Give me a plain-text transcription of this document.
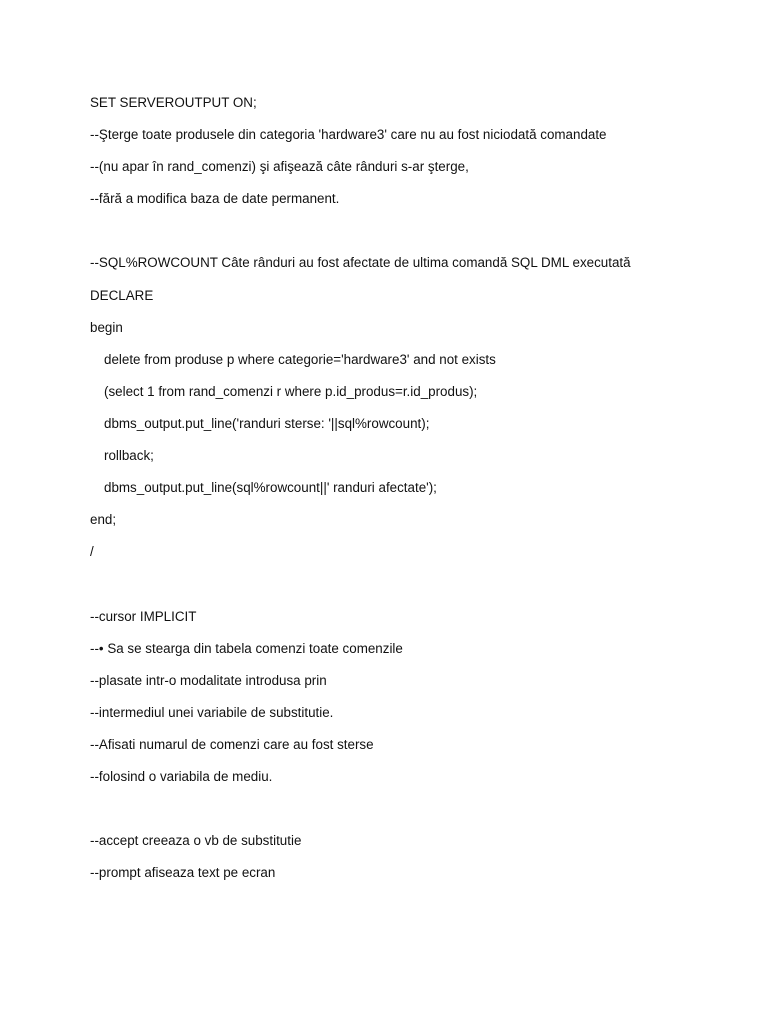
SET SERVEROUTPUT ON;
--Şterge toate produsele din categoria 'hardware3' care nu au fost niciodată comandate
--(nu apar în rand_comenzi) şi afişează câte rânduri s-ar şterge,
--fără a modifica baza de date permanent.
--SQL%ROWCOUNT Câte rânduri au fost afectate de ultima comandă SQL DML executată
DECLARE
begin
delete from produse p where categorie='hardware3' and not exists
(select 1 from rand_comenzi r where p.id_produs=r.id_produs);
dbms_output.put_line('randuri sterse: '||sql%rowcount);
rollback;
dbms_output.put_line(sql%rowcount||' randuri afectate');
end;
/
--cursor IMPLICIT
--• Sa se stearga din tabela comenzi toate comenzile
--plasate intr-o modalitate introdusa prin
--intermediul unei variabile de substitutie.
--Afisati numarul de comenzi care au fost sterse
--folosind o variabila de mediu.
--accept creeaza o vb de substitutie
--prompt afiseaza text pe ecran
